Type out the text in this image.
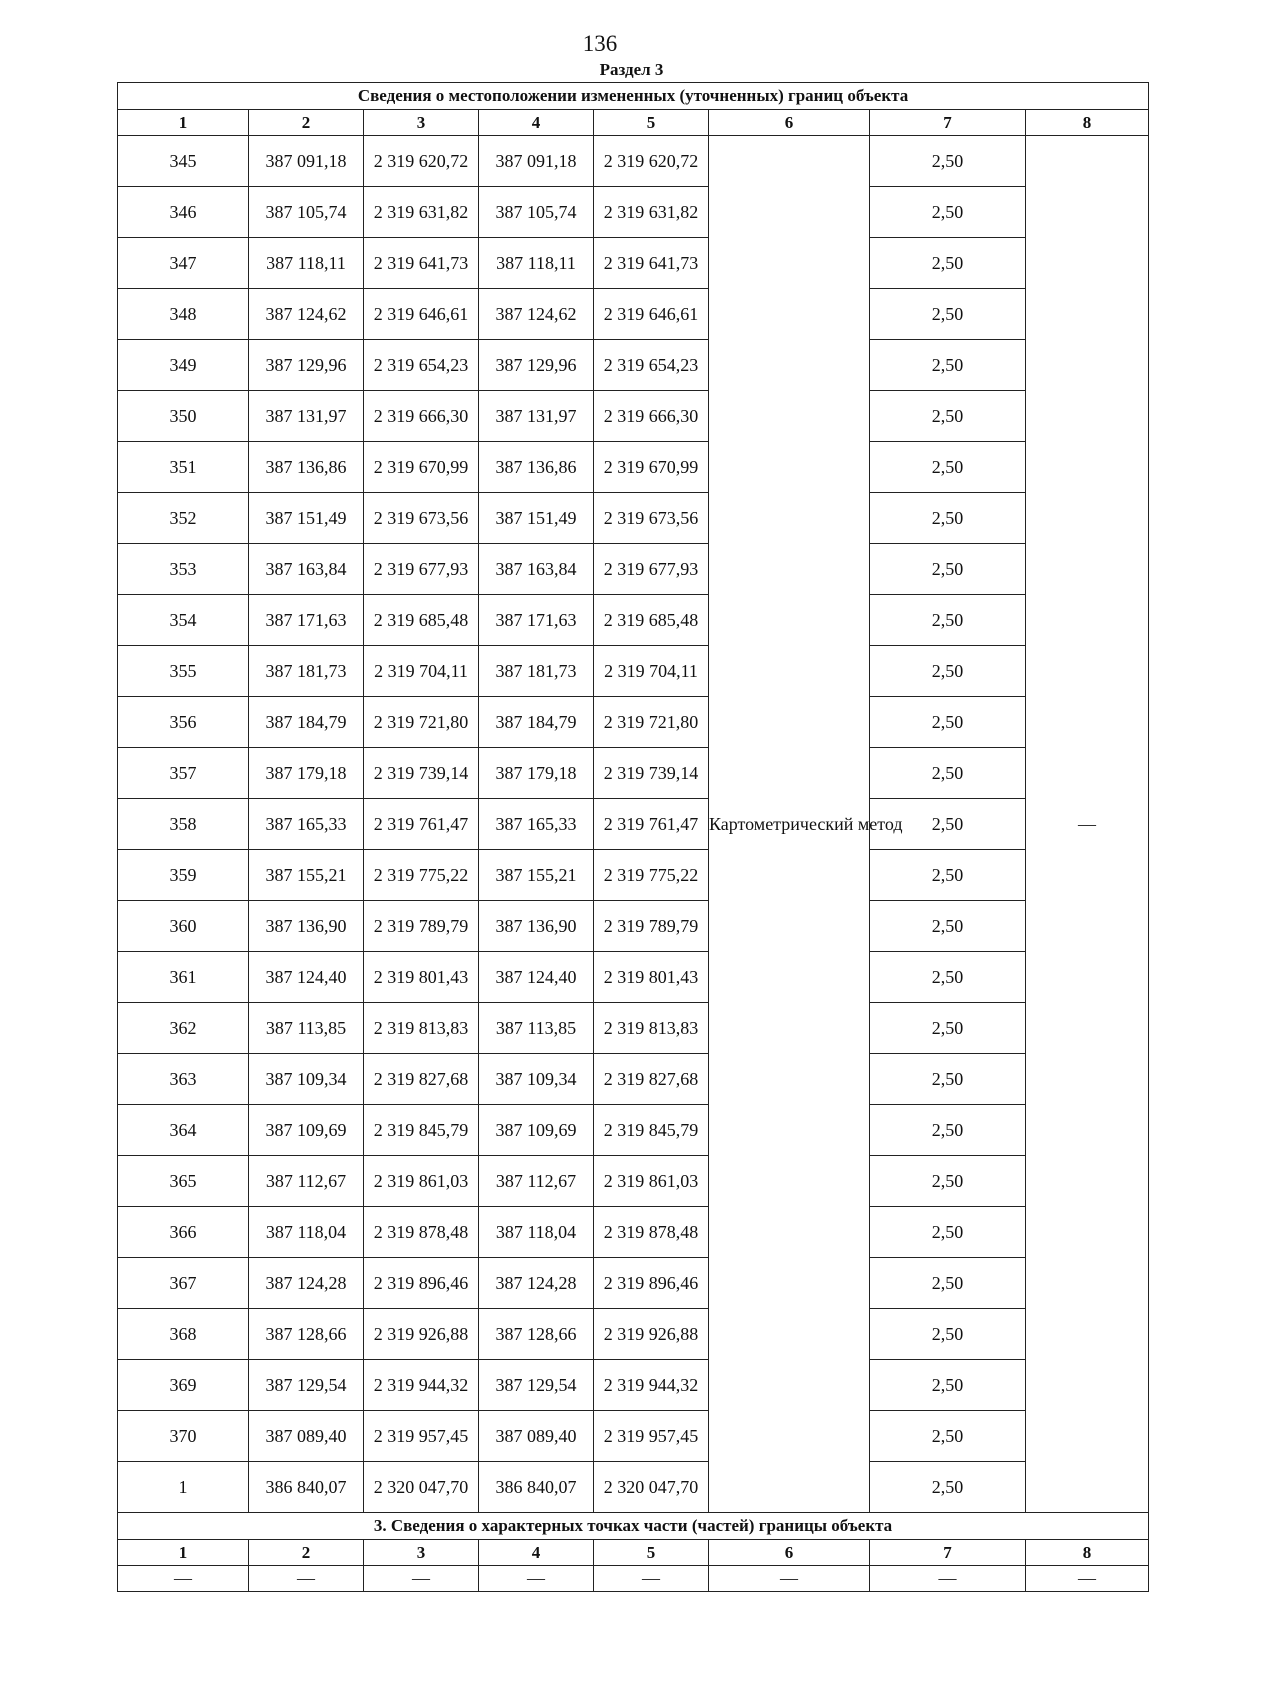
136
Раздел 3
Сведения о местоположении измененных (уточненных) границ объекта							
1	2	3	4	5	6	7	8
345	387 091,18	2 319 620,72	387 091,18	2 319 620,72	Картометрический метод	2,50	—
346	387 105,74	2 319 631,82	387 105,74	2 319 631,82		2,50	
347	387 118,11	2 319 641,73	387 118,11	2 319 641,73		2,50	
348	387 124,62	2 319 646,61	387 124,62	2 319 646,61		2,50	
349	387 129,96	2 319 654,23	387 129,96	2 319 654,23		2,50	
350	387 131,97	2 319 666,30	387 131,97	2 319 666,30		2,50	
351	387 136,86	2 319 670,99	387 136,86	2 319 670,99		2,50	
352	387 151,49	2 319 673,56	387 151,49	2 319 673,56		2,50	
353	387 163,84	2 319 677,93	387 163,84	2 319 677,93		2,50	
354	387 171,63	2 319 685,48	387 171,63	2 319 685,48		2,50	
355	387 181,73	2 319 704,11	387 181,73	2 319 704,11		2,50	
356	387 184,79	2 319 721,80	387 184,79	2 319 721,80		2,50	
357	387 179,18	2 319 739,14	387 179,18	2 319 739,14		2,50	
358	387 165,33	2 319 761,47	387 165,33	2 319 761,47		2,50	
359	387 155,21	2 319 775,22	387 155,21	2 319 775,22		2,50	
360	387 136,90	2 319 789,79	387 136,90	2 319 789,79		2,50	
361	387 124,40	2 319 801,43	387 124,40	2 319 801,43		2,50	
362	387 113,85	2 319 813,83	387 113,85	2 319 813,83		2,50	
363	387 109,34	2 319 827,68	387 109,34	2 319 827,68		2,50	
364	387 109,69	2 319 845,79	387 109,69	2 319 845,79		2,50	
365	387 112,67	2 319 861,03	387 112,67	2 319 861,03		2,50	
366	387 118,04	2 319 878,48	387 118,04	2 319 878,48		2,50	
367	387 124,28	2 319 896,46	387 124,28	2 319 896,46		2,50	
368	387 128,66	2 319 926,88	387 128,66	2 319 926,88		2,50	
369	387 129,54	2 319 944,32	387 129,54	2 319 944,32		2,50	
370	387 089,40	2 319 957,45	387 089,40	2 319 957,45		2,50	
1	386 840,07	2 320 047,70	386 840,07	2 320 047,70		2,50	
3. Сведения о характерных точках части (частей) границы объекта							
1	2	3	4	5	6	7	8
—	—	—	—	—	—	—	—
